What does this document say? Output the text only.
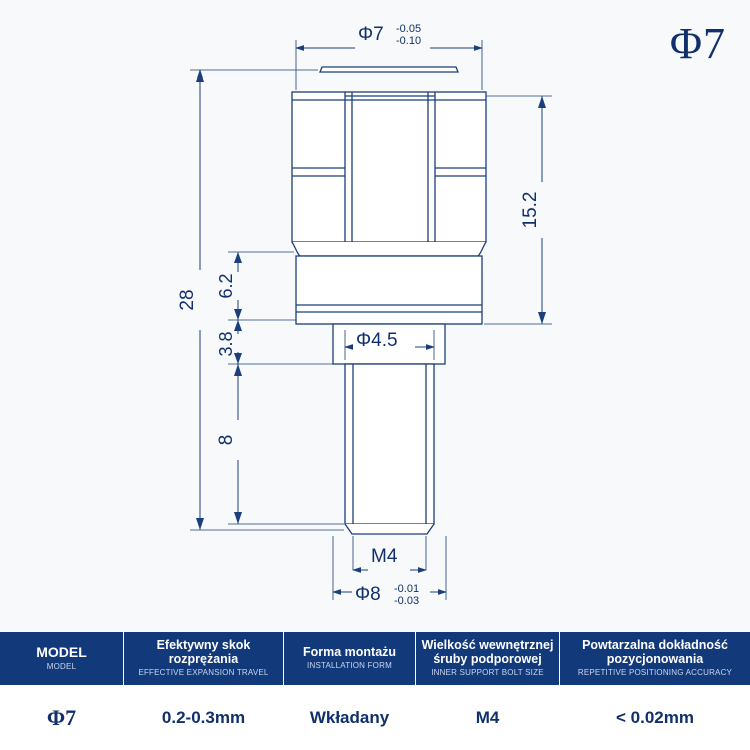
Φ7 -0.05
-0.10
28
15.2
6.2
3.8
8
Φ4.5
M4
Φ8 -0.01
-0.03
Φ7
MODEL
MODEL
Φ7
Efektywny skok rozprężania
EFFECTIVE EXPANSION TRAVEL
0.2-0.3mm
Forma montażu
INSTALLATION FORM
Wkładany
Wielkość wewnętrznej śruby podporowej
INNER SUPPORT BOLT SIZE
M4
Powtarzalna dokładność pozycjonowania
REPETITIVE POSITIONING ACCURACY
< 0.02mm
